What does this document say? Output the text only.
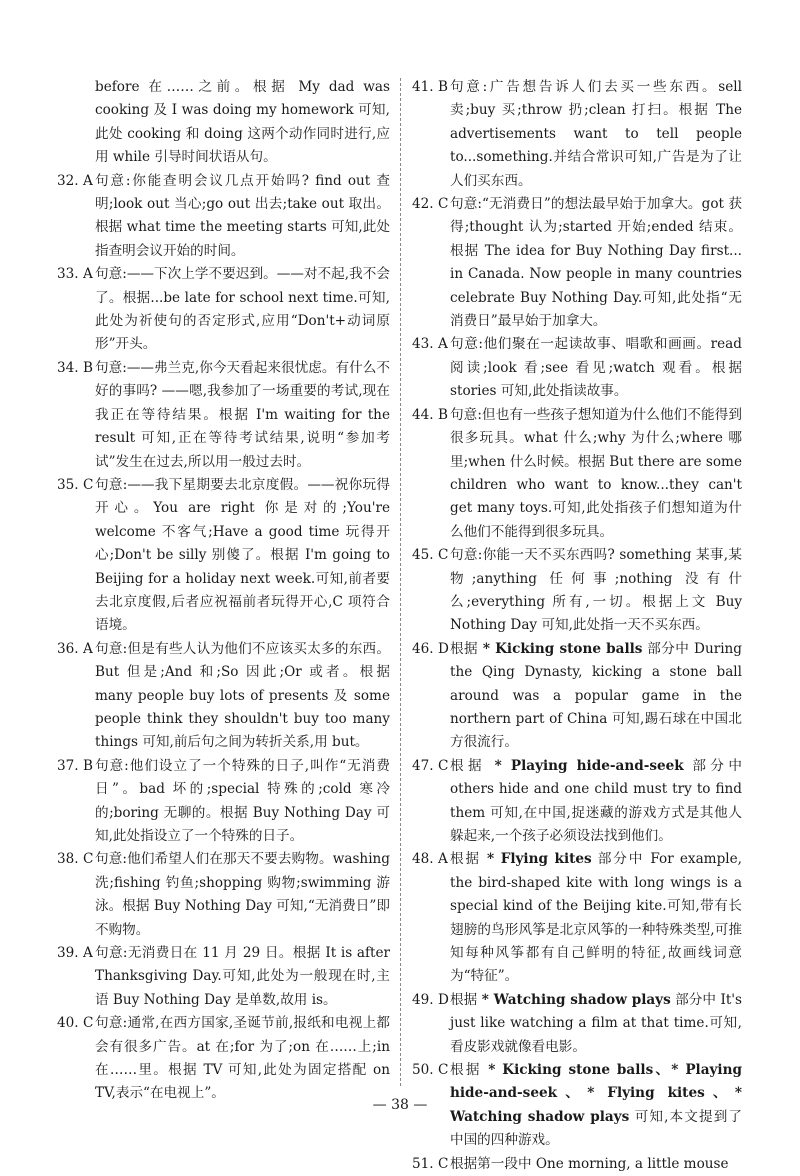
before 在……之前。根据 My dad was cooking 及 I was doing my homework 可知,此处 cooking 和 doing 这两个动作同时进行,应用 while 引导时间状语从句。
32. A 句意:你能查明会议几点开始吗? find out 查明;look out 当心;go out 出去;take out 取出。根据 what time the meeting starts 可知,此处指查明会议开始的时间。
33. A 句意:——下次上学不要迟到。——对不起,我不会了。根据...be late for school next time.可知,此处为祈使句的否定形式,应用“Don't+动词原形”开头。
34. B 句意:——弗兰克,你今天看起来很忧虑。有什么不好的事吗? ——嗯,我参加了一场重要的考试,现在我正在等待结果。根据 I'm waiting for the result 可知,正在等待考试结果,说明“参加考试”发生在过去,所以用一般过去时。
35. C 句意:——我下星期要去北京度假。——祝你玩得开心。You are right 你是对的;You're welcome 不客气;Have a good time 玩得开心;Don't be silly 别傻了。根据 I'm going to Beijing for a holiday next week.可知,前者要去北京度假,后者应祝福前者玩得开心,C 项符合语境。
36. A 句意:但是有些人认为他们不应该买太多的东西。But 但是;And 和;So 因此;Or 或者。根据 many people buy lots of presents 及 some people think they shouldn't buy too many things 可知,前后句之间为转折关系,用 but。
37. B 句意:他们设立了一个特殊的日子,叫作“无消费日”。bad 坏的;special 特殊的;cold 寒冷的;boring 无聊的。根据 Buy Nothing Day 可知,此处指设立了一个特殊的日子。
38. C 句意:他们希望人们在那天不要去购物。washing 洗;fishing 钓鱼;shopping 购物;swimming 游泳。根据 Buy Nothing Day 可知,“无消费日”即不购物。
39. A 句意:无消费日在 11 月 29 日。根据 It is after Thanksgiving Day.可知,此处为一般现在时,主语 Buy Nothing Day 是单数,故用 is。
40. C 句意:通常,在西方国家,圣诞节前,报纸和电视上都会有很多广告。at 在;for 为了;on 在……上;in 在……里。根据 TV 可知,此处为固定搭配 on TV,表示“在电视上”。
41. B 句意:广告想告诉人们去买一些东西。sell 卖;buy 买;throw 扔;clean 打扫。根据 The advertisements want to tell people to...something.并结合常识可知,广告是为了让人们买东西。
42. C 句意:“无消费日”的想法最早始于加拿大。got 获得;thought 认为;started 开始;ended 结束。根据 The idea for Buy Nothing Day first... in Canada. Now people in many countries celebrate Buy Nothing Day.可知,此处指“无消费日”最早始于加拿大。
43. A 句意:他们聚在一起读故事、唱歌和画画。read 阅读;look 看;see 看见;watch 观看。根据 stories 可知,此处指读故事。
44. B 句意:但也有一些孩子想知道为什么他们不能得到很多玩具。what 什么;why 为什么;where 哪里;when 什么时候。根据 But there are some children who want to know...they can't get many toys.可知,此处指孩子们想知道为什么他们不能得到很多玩具。
45. C 句意:你能一天不买东西吗? something 某事,某物;anything 任何事;nothing 没有什么;everything 所有,一切。根据上文 Buy Nothing Day 可知,此处指一天不买东西。
46. D 根据 * Kicking stone balls 部分中 During the Qing Dynasty, kicking a stone ball around was a popular game in the northern part of China 可知,踢石球在中国北方很流行。
47. C 根据 * Playing hide-and-seek 部分中 others hide and one child must try to find them 可知,在中国,捉迷藏的游戏方式是其他人躲起来,一个孩子必须设法找到他们。
48. A 根据 * Flying kites 部分中 For example, the bird-shaped kite with long wings is a special kind of the Beijing kite.可知,带有长翅膀的鸟形风筝是北京风筝的一种特殊类型,可推知每种风筝都有自己鲜明的特征,故画线词意为“特征”。
49. D 根据 * Watching shadow plays 部分中 It's just like watching a film at that time.可知,看皮影戏就像看电影。
50. C 根据 * Kicking stone balls、* Playing hide-and-seek、* Flying kites、* Watching shadow plays 可知,本文提到了中国的四种游戏。
51. C 根据第一段中 One morning, a little mouse
— 38 —
